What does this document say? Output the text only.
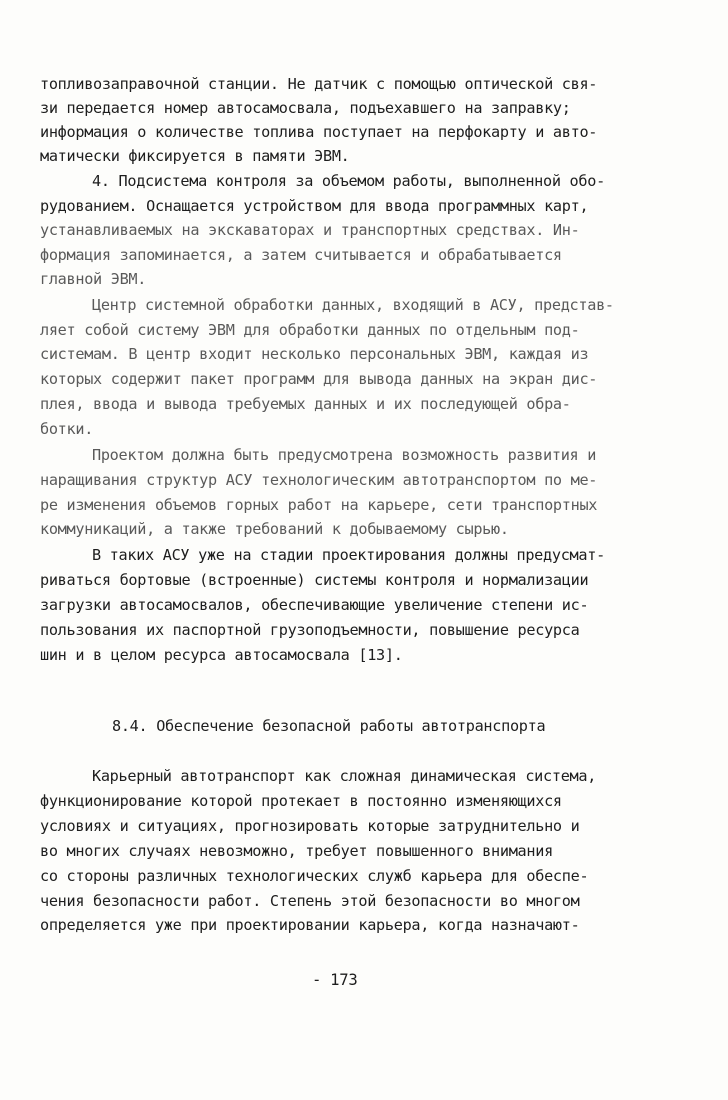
топливозаправочной станции. Не датчик с помощью оптической свя-
зи передается номер автосамосвала, подъехавшего на заправку;
информация о количестве топлива поступает на перфокарту и авто-
матически фиксируется в памяти ЭВМ.
4. Подсистема контроля за объемом работы, выполненной обо-
рудованием. Оснащается устройством для ввода программных карт,
устанавливаемых на экскаваторах и транспортных средствах. Ин-
формация запоминается, а затем считывается и обрабатывается
главной ЭВМ.
Центр системной обработки данных, входящий в АСУ, представ-
ляет собой систему ЭВМ для обработки данных по отдельным под-
системам. В центр входит несколько персональных ЭВМ, каждая из
которых содержит пакет программ для вывода данных на экран дис-
плея, ввода и вывода требуемых данных и их последующей обра-
ботки.
Проектом должна быть предусмотрена возможность развития и
наращивания структур АСУ технологическим автотранспортом по ме-
ре изменения объемов горных работ на карьере, сети транспортных
коммуникаций, а также требований к добываемому сырью.
В таких АСУ уже на стадии проектирования должны предусмат-
риваться бортовые (встроенные) системы контроля и нормализации
загрузки автосамосвалов, обеспечивающие увеличение степени ис-
пользования их паспортной грузоподъемности, повышение ресурса
шин и в целом ресурса автосамосвала [13].
8.4. Обеспечение безопасной работы автотранспорта
Карьерный автотранспорт как сложная динамическая система,
функционирование которой протекает в постоянно изменяющихся
условиях и ситуациях, прогнозировать которые затруднительно и
во многих случаях невозможно, требует повышенного внимания
со стороны различных технологических служб карьера для обеспе-
чения безопасности работ. Степень этой безопасности во многом
определяется уже при проектировании карьера, когда назначают-
- 173
